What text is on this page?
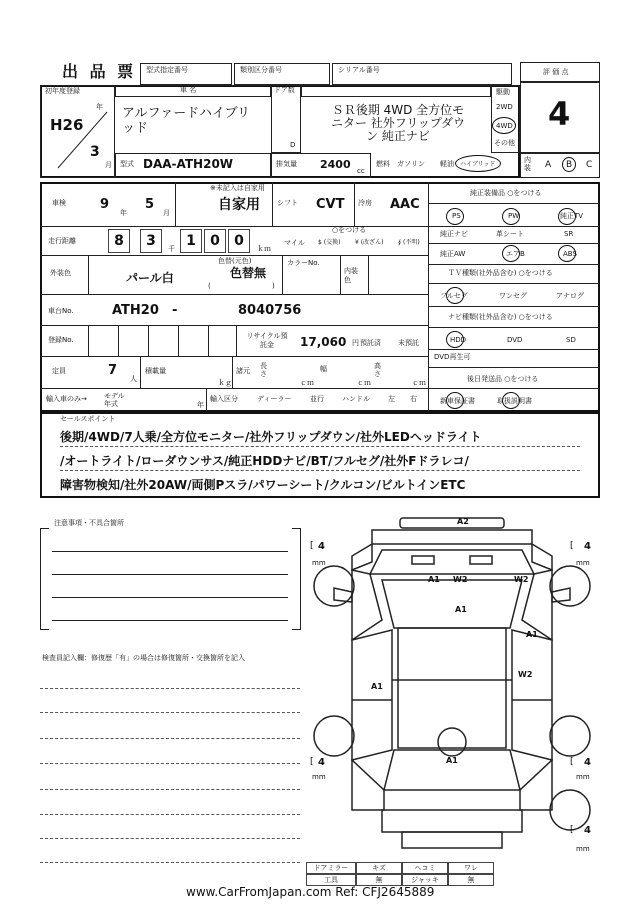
出 品 票 型式指定番号	類別区分番号	シリアル番号	評 価 点
初年度登録
年
H26
3
月
車 名
アルファードハイブリッド
ドア数
D
ＳＲ後期 4WD 全方位モニター 社外フリップダウン 純正ナビ
駆動
2WD
4WD
その他
4
型式 DAA-ATH20W	排気量 2400 cc
燃料 ガソリン 軽油 ハイブリッド
内装 A B C
車検	9
年
5
月
※未記入は自家用
自家用 シフト CVT 冷房 AAC
走行距離	8	3	千 1	0	0	ｋｍ
マイル
○をつける
$ (交換) ¥ (改ざん) ∮ (不明)
外装色	パール白
色替(元色)
色替無
(	)
カラーNo.
内装色
車台No.	ATH20 -	8040756
登録No.	リサイクル預託金	17,060 円 預託済 未預託
定員	7
人
積載量
ｋｇ
諸元
長さ
ｃｍ
幅
ｃｍ
高さ
ｃｍ
輸入車のみ→ モデル年式	年
輸入区分	ディーラー	並行	ハンドル	左 右
純正装備品 ○をつける
PS	PW	純正TV
純正ナビ	革シート	SR
純正AW	エアB	ABS
ＴＶ種類(社外品含む) ○をつける
フルセグ	ワンセグ	アナログ
ナビ種類(社外品含む) ○をつける
HDD	DVD	SD
DVD再生可
後日発送品 ○をつける
新車保証書	取扱説明書
セールスポイント
後期/4WD/7人乗/全方位モニター/社外フリップダウン/社外LEDヘッドライト
/オートライト/ローダウンサス/純正HDDナビ/BT/フルセグ/社外Fドラレコ/
障害物検知/社外20AW/両側Pスラ/パワーシート/クルコン/ビルトインETC
注意事項・不具合箇所
検査員記入欄：修復歴「有」の場合は修復箇所・交換箇所を記入
A2
A1 W2	W2
A1
A1
W2
A1
A1
[ 4
mm
[ 4
mm
[ 4
mm
[ 4
mm
[ 4
mm
ドアミラー	キズ	ヘコミ	ワレ
工具	無	ジャッキ	無
www.CarFromJapan.com Ref: CFJ2645889
